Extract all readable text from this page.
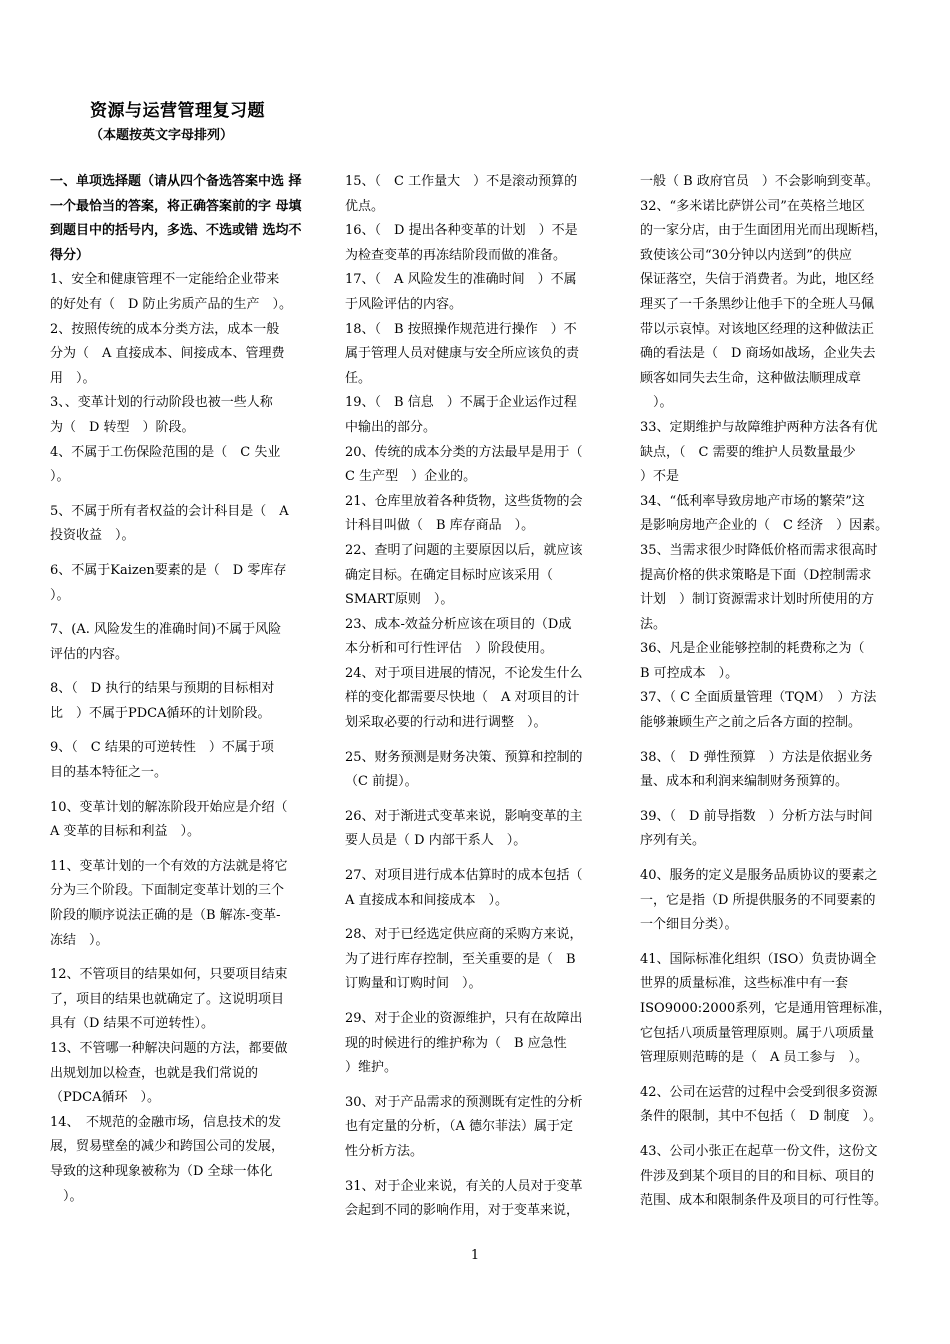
资源与运营管理复习题
（本题按英文字母排列）

一、单项选择题（请从四个备选答案中选 择一个最恰当的答案，将正确答案前的字 母填到题目中的括号内，多选、不选或错 选均不得分）

1、安全和健康管理不一定能给企业带来
的好处有（　D 防止劣质产品的生产　）。

2、按照传统的成本分类方法，成本一般
分为（　A 直接成本、间接成本、管理费
用　）。

3、、变革计划的行动阶段也被一些人称
为（　D 转型　）阶段。

4、不属于工伤保险范围的是（　C 失业
）。

5、不属于所有者权益的会计科目是（　A
投资收益　）。

6、不属于Kaizen要素的是（　D 零库存
）。

7、(A. 风险发生的准确时间)不属于风险
评估的内容。

8、（　D 执行的结果与预期的目标相对
比　）不属于PDCA循环的计划阶段。

9、（　C 结果的可逆转性　）不属于项
目的基本特征之一。

10、变革计划的解冻阶段开始应是介绍（
A 变革的目标和利益　）。

11、变革计划的一个有效的方法就是将它
分为三个阶段。下面制定变革计划的三个
阶段的顺序说法正确的是（B 解冻-变革-
冻结　）。

12、不管项目的结果如何，只要项目结束
了，项目的结果也就确定了。这说明项目
具有（D 结果不可逆转性）。

13、不管哪一种解决问题的方法，都要做
出规划加以检查，也就是我们常说的
（PDCA循环　）。

14、　不规范的金融市场，信息技术的发
展，贸易壁垒的减少和跨国公司的发展，
导致的这种现象被称为（D 全球一体化
　）。

15、（　C 工作量大　）不是滚动预算的
优点。

16、（　D 提出各种变革的计划　）不是
为检查变革的再冻结阶段而做的准备。

17、（　A 风险发生的准确时间　）不属
于风险评估的内容。

18、（　B 按照操作规范进行操作　）不
属于管理人员对健康与安全所应该负的责
任。

19、（　B 信息　）不属于企业运作过程
中输出的部分。

20、传统的成本分类的方法最早是用于（
C 生产型　）企业的。

21、仓库里放着各种货物，这些货物的会
计科目叫做（　B 库存商品　）。

22、查明了问题的主要原因以后，就应该
确定目标。在确定目标时应该采用（
SMART原则　）。

23、成本-效益分析应该在项目的（D成
本分析和可行性评估　）阶段使用。

24、对于项目进展的情况，不论发生什么
样的变化都需要尽快地（　A 对项目的计
划采取必要的行动和进行调整　）。

25、财务预测是财务决策、预算和控制的
（C 前提）。

26、对于渐进式变革来说，影响变革的主
要人员是（ D 内部干系人　）。

27、对项目进行成本估算时的成本包括（
A 直接成本和间接成本　）。

28、对于已经选定供应商的采购方来说，
为了进行库存控制，至关重要的是（　B
订购量和订购时间　）。

29、对于企业的资源维护，只有在故障出
现的时候进行的维护称为（　B 应急性
）维护。

30、对于产品需求的预测既有定性的分析
也有定量的分析，（A 德尔菲法）属于定
性分析方法。

31、对于企业来说，有关的人员对于变革
会起到不同的影响作用，对于变革来说，

一般（ B 政府官员　）不会影响到变革。

32、“多米诺比萨饼公司”在英格兰地区
的一家分店，由于生面团用光而出现断档，
致使该公司“30分钟以内送到”的供应
保证落空，失信于消费者。为此，地区经
理买了一千条黑纱让他手下的全班人马佩
带以示哀悼。对该地区经理的这种做法正
确的看法是（　D 商场如战场，企业失去
顾客如同失去生命，这种做法顺理成章
　）。

33、定期维护与故障维护两种方法各有优
缺点，（　C 需要的维护人员数量最少
）不是

34、“低利率导致房地产市场的繁荣”这
是影响房地产企业的（　C 经济　）因素。

35、当需求很少时降低价格而需求很高时
提高价格的供求策略是下面（D控制需求
计划　）制订资源需求计划时所使用的方
法。

36、凡是企业能够控制的耗费称之为（
B 可控成本　）。

37、（ C 全面质量管理（TQM）　）方法
能够兼顾生产之前之后各方面的控制。

38、（　D 弹性预算　）方法是依据业务
量、成本和利润来编制财务预算的。

39、（　D 前导指数　）分析方法与时间
序列有关。

40、服务的定义是服务品质协议的要素之
一，它是指（D 所提供服务的不同要素的
一个细目分类）。

41、国际标准化组织（ISO）负责协调全
世界的质量标准，这些标准中有一套
ISO9000:2000系列，它是通用管理标准，
它包括八项质量管理原则。属于八项质量
管理原则范畴的是（　A 员工参与　）。

42、公司在运营的过程中会受到很多资源
条件的限制，其中不包括（　D 制度　）。

43、公司小张正在起草一份文件，这份文
件涉及到某个项目的目的和目标、项目的
范围、成本和限制条件及项目的可行性等。

1
